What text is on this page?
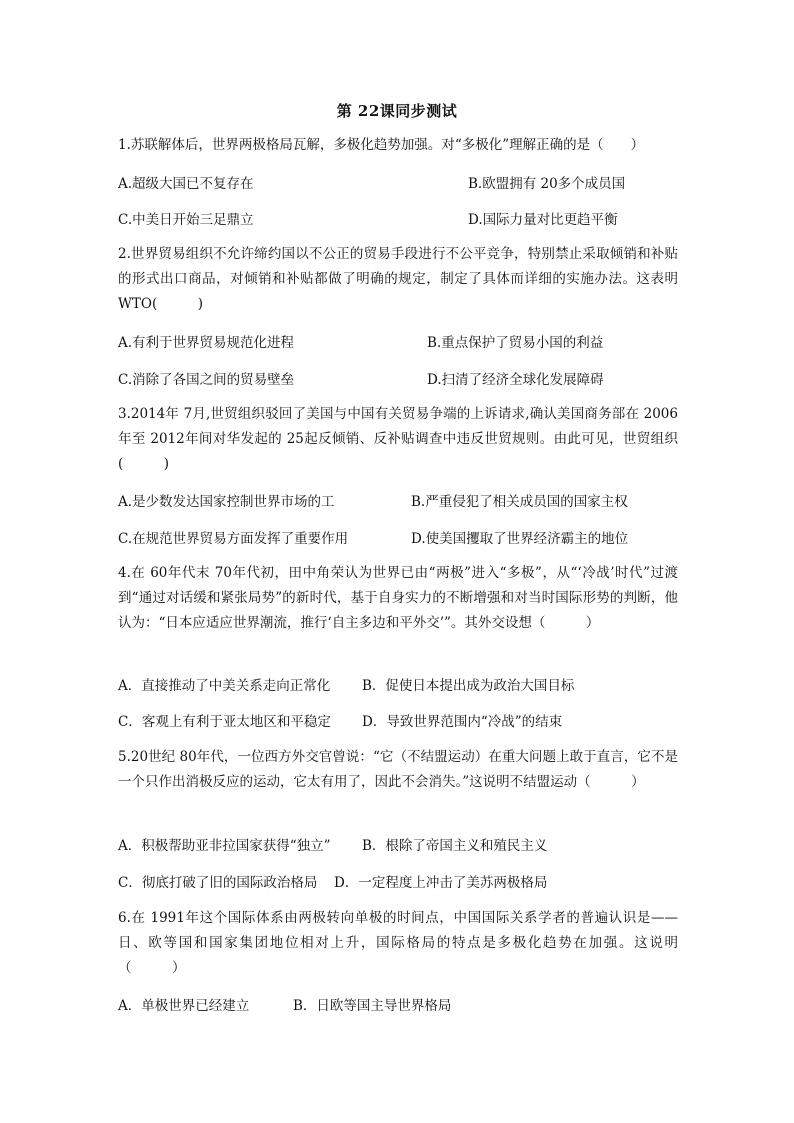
第 22课同步测试
1.苏联解体后，世界两极格局瓦解，多极化趋势加强。对“多极化”理解正确的是（　　）
A.超级大国已不复存在	B.欧盟拥有 20多个成员国
C.中美日开始三足鼎立	D.国际力量对比更趋平衡
2.世界贸易组织不允许缔约国以不公正的贸易手段进行不公平竞争，特别禁止采取倾销和补贴的形式出口商品，对倾销和补贴都做了明确的规定，制定了具体而详细的实施办法。这表明 WTO(　　　)
A.有利于世界贸易规范化进程	B.重点保护了贸易小国的利益
C.消除了各国之间的贸易壁垒	D.扫清了经济全球化发展障碍
3.2014年 7月,世贸组织驳回了美国与中国有关贸易争端的上诉请求,确认美国商务部在 2006年至 2012年间对华发起的 25起反倾销、反补贴调查中违反世贸规则。由此可见，世贸组织(　　　)
A.是少数发达国家控制世界市场的工	B.严重侵犯了相关成员国的国家主权
C.在规范世界贸易方面发挥了重要作用	D.使美国攫取了世界经济霸主的地位
4.在 60年代末 70年代初，田中角荣认为世界已由“两极”进入“多极”，从“‘冷战’时代”过渡到“通过对话缓和紧张局势”的新时代，基于自身实力的不断增强和对当时国际形势的判断，他认为：“日本应适应世界潮流，推行‘自主多边和平外交’”。其外交设想（　　　）
A．直接推动了中美关系走向正常化 B．促使日本提出成为政治大国目标
C．客观上有利于亚太地区和平稳定 D．导致世界范围内“冷战”的结束
5.20世纪 80年代，一位西方外交官曾说：“它（不结盟运动）在重大问题上敢于直言，它不是一个只作出消极反应的运动，它太有用了，因此不会消失。”这说明不结盟运动（　　　）
A．积极帮助亚非拉国家获得“独立” B．根除了帝国主义和殖民主义
C．彻底打破了旧的国际政治格局 D．一定程度上冲击了美苏两极格局
6.在 1991年这个国际体系由两极转向单极的时间点，中国国际关系学者的普遍认识是——日、欧等国和国家集团地位相对上升，国际格局的特点是多极化趋势在加强。这说明（　　　）
A．单极世界已经建立	B．日欧等国主导世界格局
